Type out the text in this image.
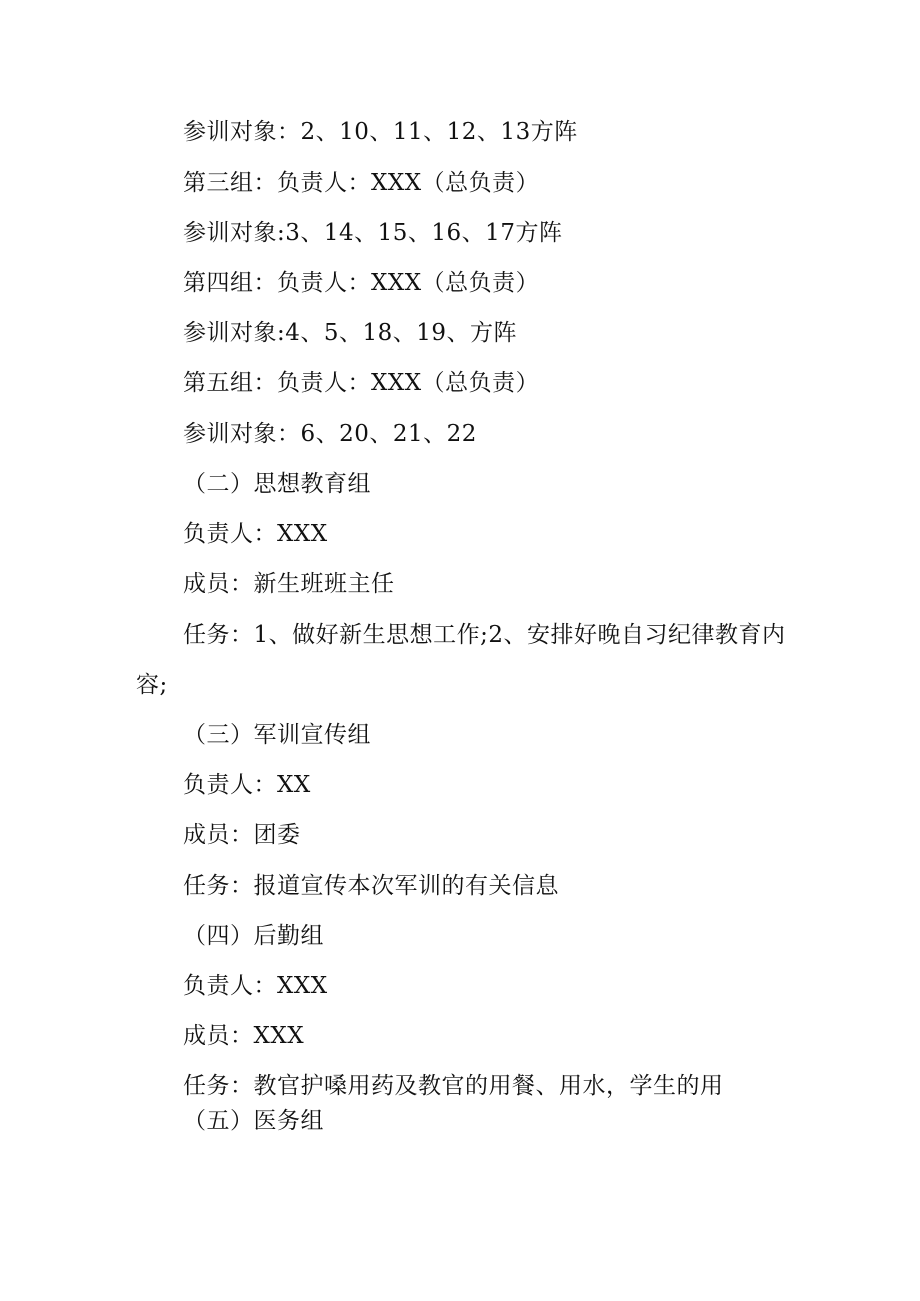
参训对象：2、10、11、12、13方阵
第三组：负责人：XXX（总负责）
参训对象:3、14、15、16、17方阵
第四组：负责人：XXX（总负责）
参训对象:4、5、18、19、方阵
第五组：负责人：XXX（总负责）
参训对象：6、20、21、22
（二）思想教育组
负责人：XXX
成员：新生班班主任
任务：1、做好新生思想工作;2、安排好晚自习纪律教育内
容;
（三）军训宣传组
负责人：XX
成员：团委
任务：报道宣传本次军训的有关信息
（四）后勤组
负责人：XXX
成员：XXX
任务：教官护嗓用药及教官的用餐、用水，学生的用
（五）医务组
